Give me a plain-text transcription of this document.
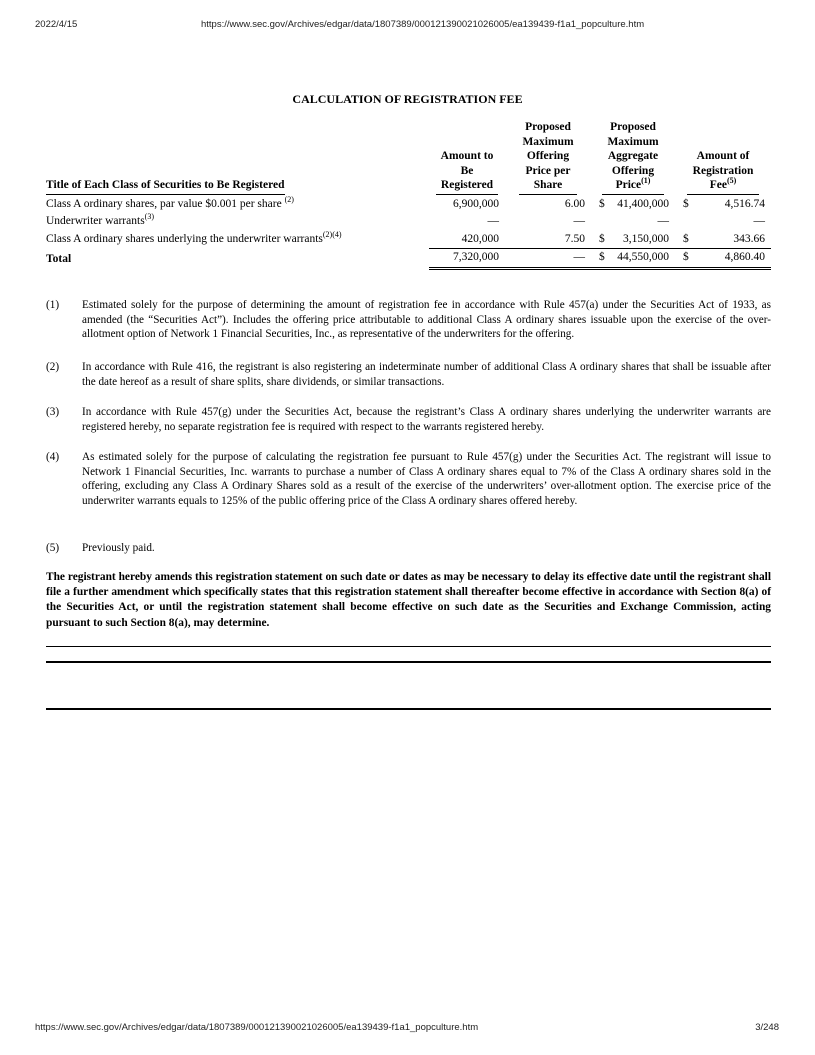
2022/4/15	https://www.sec.gov/Archives/edgar/data/1807389/000121390021026005/ea139439-f1a1_popculture.htm
CALCULATION OF REGISTRATION FEE
Title of Each Class of Securities to Be Registered	Amount to Be Registered	Proposed Maximum Offering Price per Share	Proposed Maximum Aggregate Offering Price$^{(1)}$		Amount of Registration Fee$^{(5)}$
Class A ordinary shares, par value $0.001 per share $^{(2)}$	6,900,000	6.00	$	41,400,000	$	4,516.74
Underwriter warrants$^{(3)}$	—	—		—		—
Class A ordinary shares underlying the underwriter warrants$^{(2)(4)}$	420,000	7.50	$	3,150,000	$	343.66
Total	7,320,000	—	$	44,550,000	$	4,860.40
(1)	Estimated solely for the purpose of determining the amount of registration fee in accordance with Rule 457(a) under the Securities Act of 1933, as amended (the “Securities Act”). Includes the offering price attributable to additional Class A ordinary shares issuable upon the exercise of the over-allotment option of Network 1 Financial Securities, Inc., as representative of the underwriters for the offering.
(2)	In accordance with Rule 416, the registrant is also registering an indeterminate number of additional Class A ordinary shares that shall be issuable after the date hereof as a result of share splits, share dividends, or similar transactions.
(3)	In accordance with Rule 457(g) under the Securities Act, because the registrant’s Class A ordinary shares underlying the underwriter warrants are registered hereby, no separate registration fee is required with respect to the warrants registered hereby.
(4)	As estimated solely for the purpose of calculating the registration fee pursuant to Rule 457(g) under the Securities Act. The registrant will issue to Network 1 Financial Securities, Inc. warrants to purchase a number of Class A ordinary shares equal to 7% of the Class A ordinary shares sold in the offering, excluding any Class A Ordinary Shares sold as a result of the exercise of the underwriters’ over-allotment option. The exercise price of the underwriter warrants equals to 125% of the public offering price of the Class A ordinary shares offered hereby.
(5)	Previously paid.
The registrant hereby amends this registration statement on such date or dates as may be necessary to delay its effective date until the registrant shall file a further amendment which specifically states that this registration statement shall thereafter become effective in accordance with Section 8(a) of the Securities Act, or until the registration statement shall become effective on such date as the Securities and Exchange Commission, acting pursuant to such Section 8(a), may determine.
https://www.sec.gov/Archives/edgar/data/1807389/000121390021026005/ea139439-f1a1_popculture.htm	3/248
